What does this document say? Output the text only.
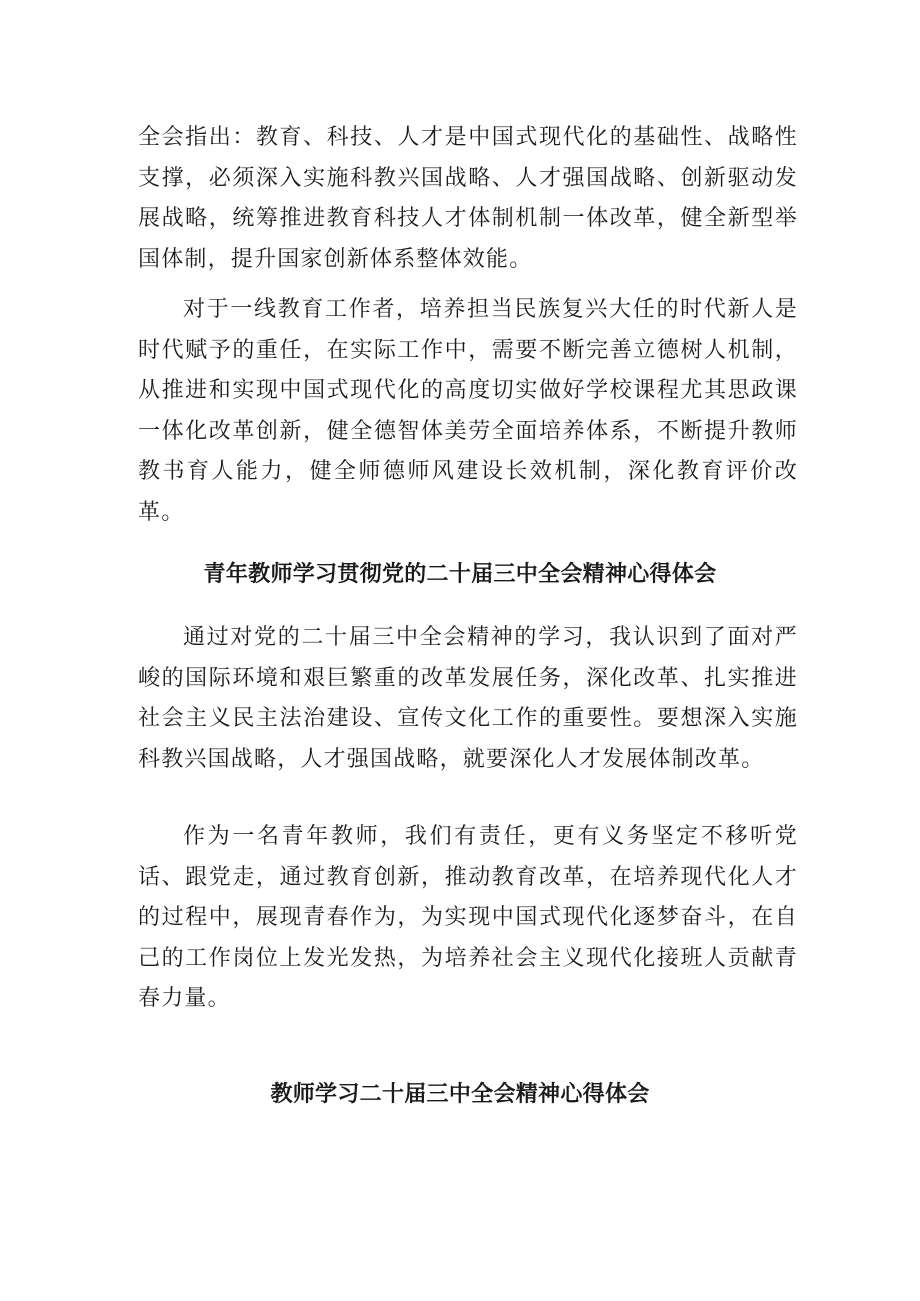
全会指出：教育、科技、人才是中国式现代化的基础性、战略性支撑，必须深入实施科教兴国战略、人才强国战略、创新驱动发展战略，统筹推进教育科技人才体制机制一体改革，健全新型举国体制，提升国家创新体系整体效能。

对于一线教育工作者，培养担当民族复兴大任的时代新人是时代赋予的重任，在实际工作中，需要不断完善立德树人机制，从推进和实现中国式现代化的高度切实做好学校课程尤其思政课一体化改革创新，健全德智体美劳全面培养体系，不断提升教师教书育人能力，健全师德师风建设长效机制，深化教育评价改革。

青年教师学习贯彻党的二十届三中全会精神心得体会

通过对党的二十届三中全会精神的学习，我认识到了面对严峻的国际环境和艰巨繁重的改革发展任务，深化改革、扎实推进社会主义民主法治建设、宣传文化工作的重要性。要想深入实施科教兴国战略，人才强国战略，就要深化人才发展体制改革。

作为一名青年教师，我们有责任，更有义务坚定不移听党话、跟党走，通过教育创新，推动教育改革，在培养现代化人才的过程中，展现青春作为，为实现中国式现代化逐梦奋斗，在自己的工作岗位上发光发热，为培养社会主义现代化接班人贡献青春力量。

教师学习二十届三中全会精神心得体会
